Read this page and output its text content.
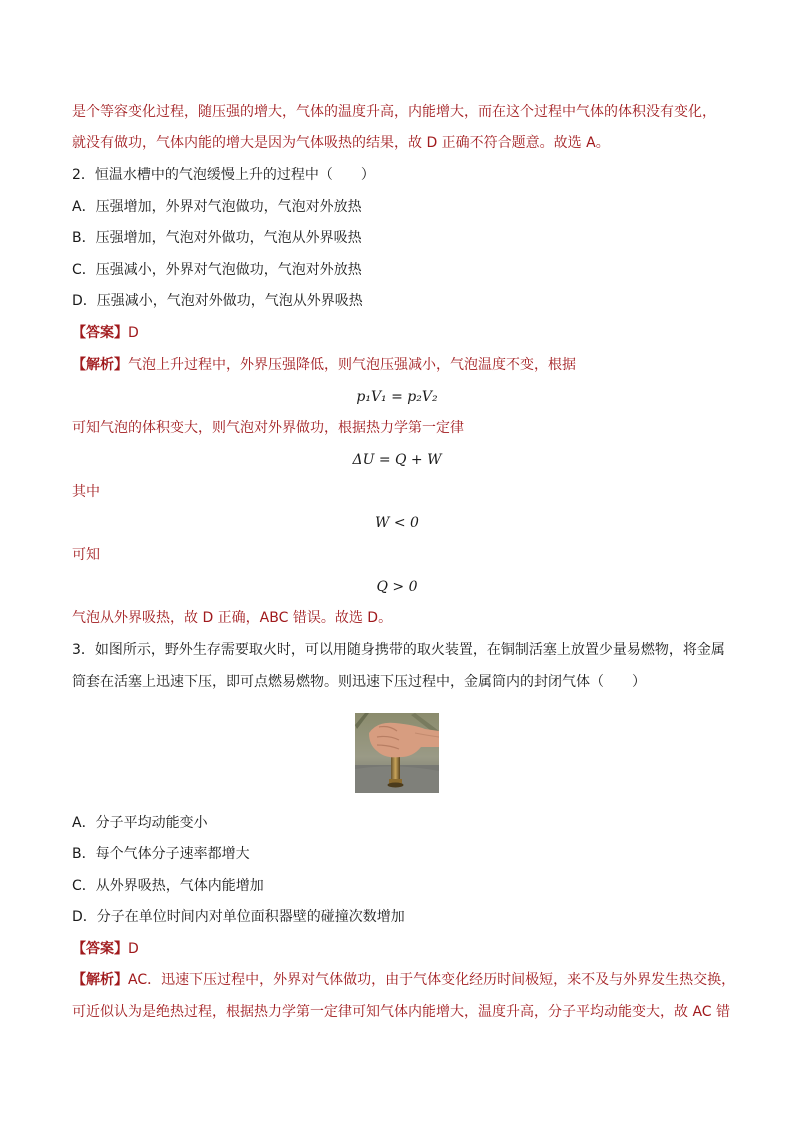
是个等容变化过程，随压强的增大，气体的温度升高，内能增大，而在这个过程中气体的体积没有变化，
就没有做功，气体内能的增大是因为气体吸热的结果，故 D 正确不符合题意。故选 A。
2．恒温水槽中的气泡缓慢上升的过程中（　　）
A．压强增加，外界对气泡做功，气泡对外放热
B．压强增加，气泡对外做功，气泡从外界吸热
C．压强减小，外界对气泡做功，气泡对外放热
D．压强减小，气泡对外做功，气泡从外界吸热
【答案】D
【解析】气泡上升过程中，外界压强降低，则气泡压强减小，气泡温度不变，根据
p₁V₁ = p₂V₂
可知气泡的体积变大，则气泡对外界做功，根据热力学第一定律
ΔU = Q + W
其中
W < 0
可知
Q > 0
气泡从外界吸热，故 D 正确，ABC 错误。故选 D。
3．如图所示，野外生存需要取火时，可以用随身携带的取火装置，在铜制活塞上放置少量易燃物，将金属
筒套在活塞上迅速下压，即可点燃易燃物。则迅速下压过程中，金属筒内的封闭气体（　　）
A．分子平均动能变小
B．每个气体分子速率都增大
C．从外界吸热，气体内能增加
D．分子在单位时间内对单位面积器壁的碰撞次数增加
【答案】D
【解析】AC．迅速下压过程中，外界对气体做功，由于气体变化经历时间极短，来不及与外界发生热交换，
可近似认为是绝热过程，根据热力学第一定律可知气体内能增大，温度升高，分子平均动能变大，故 AC 错
